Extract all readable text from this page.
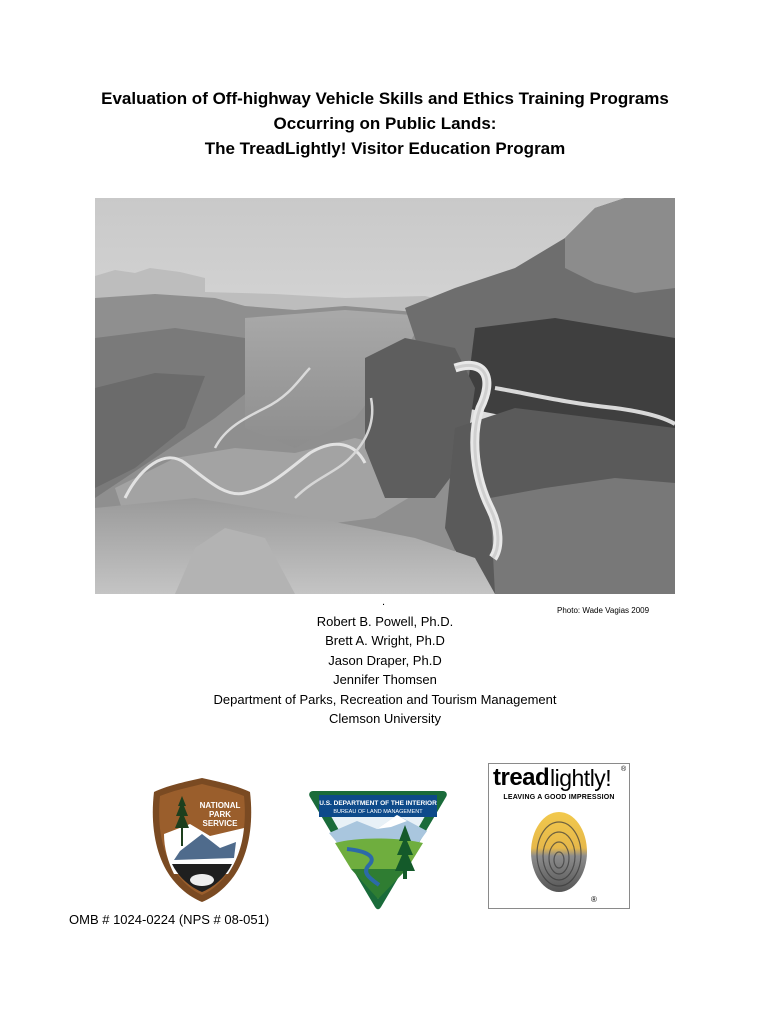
Evaluation of Off-highway Vehicle Skills and Ethics Training Programs
Occurring on Public Lands:
The TreadLightly! Visitor Education Program
.
Photo: Wade Vagias 2009
Robert B. Powell, Ph.D.
Brett A. Wright, Ph.D
Jason Draper, Ph.D
Jennifer Thomsen
Department of Parks, Recreation and Tourism Management
Clemson University
NATIONAL
PARK
SERVICE
U.S. DEPARTMENT OF THE INTERIOR
BUREAU OF LAND MANAGEMENT
tread lightly! ®
LEAVING A GOOD IMPRESSION
®
OMB # 1024-0224 (NPS # 08-051)
